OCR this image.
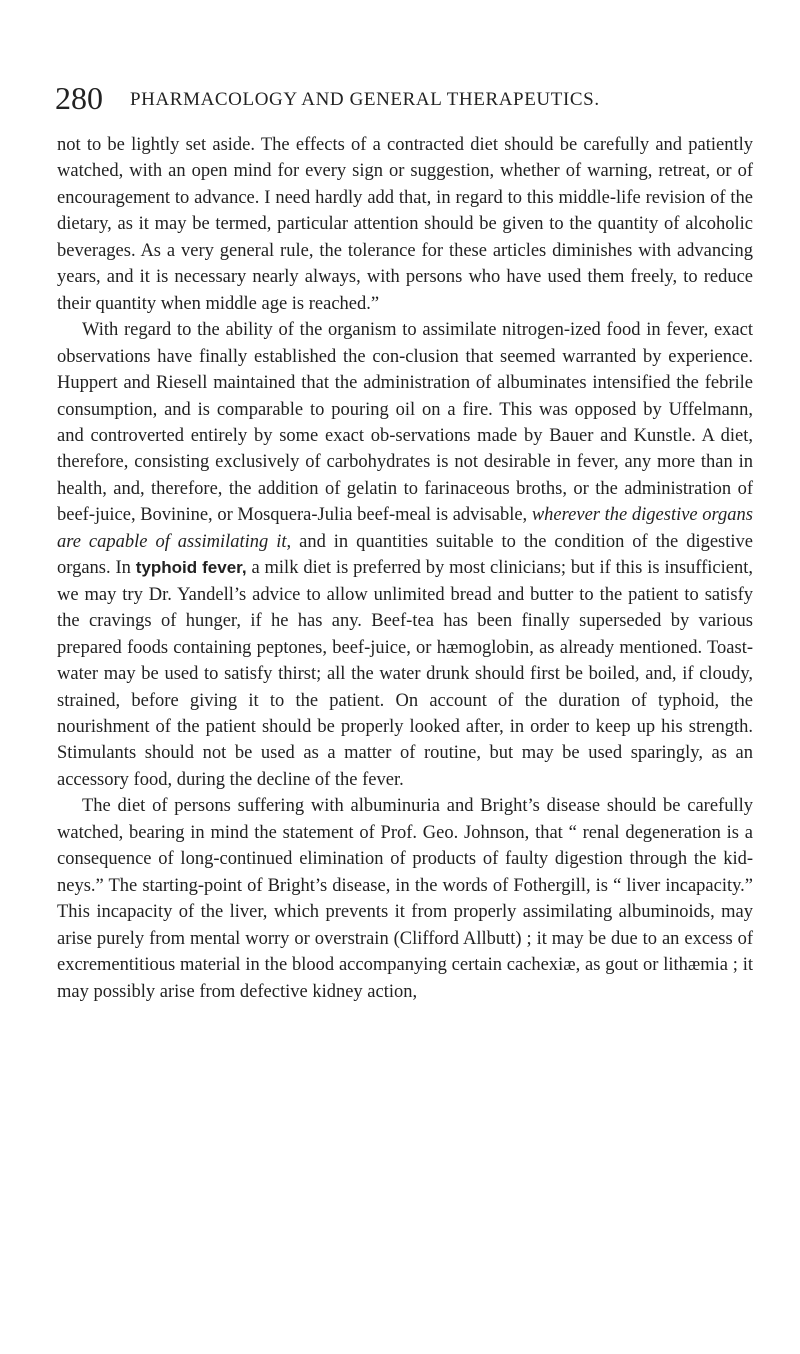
280 PHARMACOLOGY AND GENERAL THERAPEUTICS.

not to be lightly set aside. The effects of a contracted diet should be carefully and patiently watched, with an open mind for every sign or suggestion, whether of warning, retreat, or of encouragement to advance. I need hardly add that, in regard to this middle-life revision of the dietary, as it may be termed, particular attention should be given to the quantity of alcoholic beverages. As a very general rule, the tolerance for these articles diminishes with advancing years, and it is necessary nearly always, with persons who have used them freely, to reduce their quantity when middle age is reached.”

With regard to the ability of the organism to assimilate nitrogen-ized food in fever, exact observations have finally established the con-clusion that seemed warranted by experience. Huppert and Riesell maintained that the administration of albuminates intensified the febrile consumption, and is comparable to pouring oil on a fire. This was opposed by Uffelmann, and controverted entirely by some exact ob-servations made by Bauer and Kunstle. A diet, therefore, consisting exclusively of carbohydrates is not desirable in fever, any more than in health, and, therefore, the addition of gelatin to farinaceous broths, or the administration of beef-juice, Bovinine, or Mosquera-Julia beef-meal is advisable, wherever the digestive organs are capable of assimilating it, and in quantities suitable to the condition of the digestive organs. In typhoid fever, a milk diet is preferred by most clinicians; but if this is insufficient, we may try Dr. Yandell’s advice to allow unlimited bread and butter to the patient to satisfy the cravings of hunger, if he has any. Beef-tea has been finally superseded by various prepared foods containing peptones, beef-juice, or hæmoglobin, as already mentioned. Toast-water may be used to satisfy thirst; all the water drunk should first be boiled, and, if cloudy, strained, before giving it to the patient. On account of the duration of typhoid, the nourishment of the patient should be properly looked after, in order to keep up his strength. Stimulants should not be used as a matter of routine, but may be used sparingly, as an accessory food, during the decline of the fever.

The diet of persons suffering with albuminuria and Bright’s disease should be carefully watched, bearing in mind the statement of Prof. Geo. Johnson, that “ renal degeneration is a consequence of long-continued elimination of products of faulty digestion through the kid-neys.” The starting-point of Bright’s disease, in the words of Fothergill, is “ liver incapacity.” This incapacity of the liver, which prevents it from properly assimilating albuminoids, may arise purely from mental worry or overstrain (Clifford Allbutt) ; it may be due to an excess of excrementitious material in the blood accompanying certain cachexiæ, as gout or lithæmia ; it may possibly arise from defective kidney action,
